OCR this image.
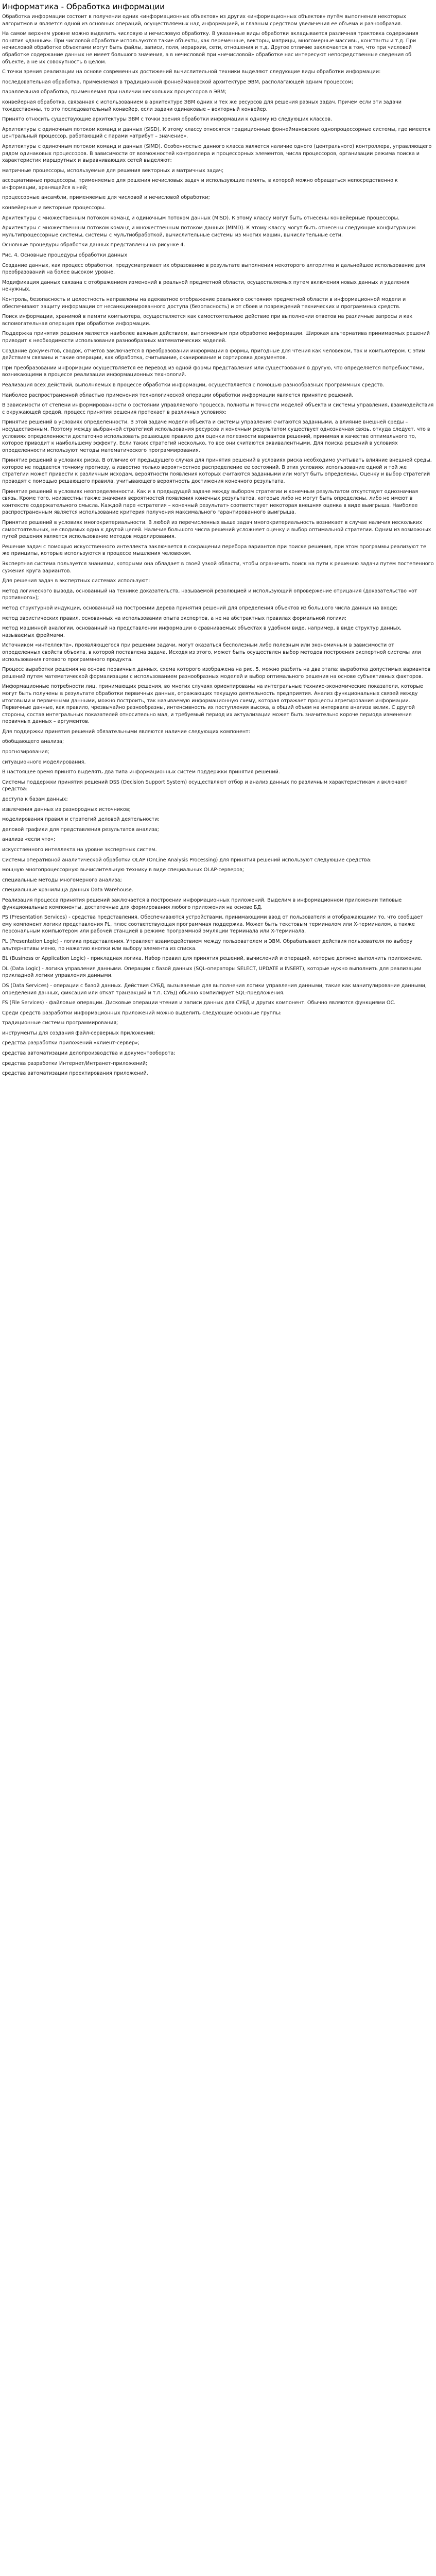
Информатика - Обработка информации

Обработка информации состоит в получении одних «информационных объектов» из других «информационных объектов» путём выполнения некоторых алгоритмов и является одной из основных операций, осуществляемых над информацией, и главным средством увеличения ее объема и разнообразия.

На самом верхнем уровне можно выделить числовую и нечисловую обработку. В указанные виды обработки вкладывается различная трактовка содержания понятия «данные». При числовой обработке используются такие объекты, как переменные, векторы, матрицы, многомерные массивы, константы и т.д. При нечисловой обработке объектами могут быть файлы, записи, поля, иерархии, сети, отношения и т.д. Другое отличие заключается в том, что при числовой обработке содержание данных не имеет большого значения, а в нечисловой при «нечисловой» обработке нас интересуют непосредственные сведения об объекте, а не их совокупность в целом.

С точки зрения реализации на основе современных достижений вычислительной техники выделяют следующие виды обработки информации:

последовательная обработка, применяемая в традиционной фоннеймановской архитектуре ЭВМ, располагающей одним процессом;

параллельная обработка, применяемая при наличии нескольких процессоров в ЭВМ;

конвейерная обработка, связанная с использованием в архитектуре ЭВМ одних и тех же ресурсов для решения разных задач. Причем если эти задачи тождественны, то это последовательный конвейер, если задачи одинаковые – векторный конвейер.

Принято относить существующие архитектуры ЭВМ с точки зрения обработки информации к одному из следующих классов.

Архитектуры с одиночным потоком команд и данных (SISD). К этому классу относятся традиционные фоннеймановские однопроцессорные системы, где имеется центральный процессор, работающий с парами «атрибут – значение».

Архитектуры с одиночным потоком команд и данных (SIMD). Особенностью данного класса является наличие одного (центрального) контроллера, управляющего рядом одинаковых процессоров. В зависимости от возможностей контроллера и процессорных элементов, числа процессоров, организации режима поиска и характеристик маршрутных и выравнивающих сетей выделяют:

матричные процессоры, используемые для решения векторных и матричных задач;

ассоциативные процессоры, применяемые для решения нечисловых задач и использующие память, в которой можно обращаться непосредственно к информации, хранящейся в ней;

процессорные ансамбли, применяемые для числовой и нечисловой обработки;

конвейерные и векторные процессоры.

Архитектуры с множественным потоком команд и одиночным потоком данных (MISD). К этому классу могут быть отнесены конвейерные процессоры.

Архитектуры с множественным потоком команд и множественным потоком данных (MIMD). К этому классу могут быть отнесены следующие конфигурации: мультипроцессорные системы, системы с мультиобработкой, вычислительные системы из многих машин, вычислительные сети.

Основные процедуры обработки данных представлены на рисунке 4.

Рис. 4. Основные процедуры обработки данных

Создание данных, как процесс обработки, предусматривает их образование в результате выполнения некоторого алгоритма и дальнейшее использование для преобразований на более высоком уровне.

Модификация данных связана с отображением изменений в реальной предметной области, осуществляемых путем включения новых данных и удаления ненужных.

Контроль, безопасность и целостность направлены на адекватное отображение реального состояния предметной области в информационной модели и обеспечивают защиту информации от несанкционированного доступа (безопасность) и от сбоев и повреждений технических и программных средств.

Поиск информации, хранимой в памяти компьютера, осуществляется как самостоятельное действие при выполнении ответов на различные запросы и как вспомогательная операция при обработке информации.

Поддержка принятия решения является наиболее важным действием, выполняемым при обработке информации. Широкая альтернатива принимаемых решений приводит к необходимости использования разнообразных математических моделей.

Создание документов, сводок, отчетов заключается в преобразовании информации в формы, пригодные для чтения как человеком, так и компьютером. С этим действием связаны и такие операции, как обработка, считывание, сканирование и сортировка документов.

При преобразовании информации осуществляется ее перевод из одной формы представления или существования в другую, что определяется потребностями, возникающими в процессе реализации информационных технологий.

Реализация всех действий, выполняемых в процессе обработки информации, осуществляется с помощью разнообразных программных средств.

Наиболее распространенной областью применения технологической операции обработки информации является принятие решений.

В зависимости от степени информированности о состоянии управляемого процесса, полноты и точности моделей объекта и системы управления, взаимодействия с окружающей средой, процесс принятия решения протекает в различных условиях:

Принятие решений в условиях определенности. В этой задаче модели объекта и системы управления считаются заданными, а влияние внешней среды – несущественным. Поэтому между выбранной стратегией использования ресурсов и конечным результатом существует однозначная связь, откуда следует, что в условиях определенности достаточно использовать решающее правило для оценки полезности вариантов решений, принимая в качестве оптимального то, которое приводит к наибольшему эффекту. Если таких стратегий несколько, то все они считаются эквивалентными. Для поиска решений в условиях определенности используют методы математического программирования.

Принятие решений в условиях риска. В отличие от предыдущего случая для принятия решений в условиях риска необходимо учитывать влияние внешней среды, которое не поддается точному прогнозу, а известно только вероятностное распределение ее состояний. В этих условиях использование одной и той же стратегии может привести к различным исходам, вероятности появления которых считаются заданными или могут быть определены. Оценку и выбор стратегий проводят с помощью решающего правила, учитывающего вероятность достижения конечного результата.

Принятие решений в условиях неопределенности. Как и в предыдущей задаче между выбором стратегии и конечным результатом отсутствует однозначная связь. Кроме того, неизвестны также значения вероятностей появления конечных результатов, которые либо не могут быть определены, либо не имеют в контексте содержательного смысла. Каждой паре «стратегия – конечный результат» соответствует некоторая внешняя оценка в виде выигрыша. Наиболее распространенным является использование критерия получения максимального гарантированного выигрыша.

Принятие решений в условиях многокритериальности. В любой из перечисленных выше задач многокритериальность возникает в случае наличия нескольких самостоятельных, не сводимых одна к другой целей. Наличие большого числа решений усложняет оценку и выбор оптимальной стратегии. Одним из возможных путей решения является использование методов моделирования.

Решение задач с помощью искусственного интеллекта заключается в сокращении перебора вариантов при поиске решения, при этом программы реализуют те же принципы, которые используются в процессе мышления человеком.

Экспертная система пользуется знаниями, которыми она обладает в своей узкой области, чтобы ограничить поиск на пути к решению задачи путем постепенного сужения круга вариантов.

Для решения задач в экспертных системах используют:

метод логического вывода, основанный на технике доказательств, называемой резолюцией и использующий опровержение отрицания (доказательство «от противного»);

метод структурной индукции, основанный на построении дерева принятия решений для определения объектов из большого числа данных на входе;

метод эвристических правил, основанных на использовании опыта экспертов, а не на абстрактных правилах формальной логики;

метод машинной аналогии, основанный на представлении информации о сравниваемых объектах в удобном виде, например, в виде структур данных, называемых фреймами.

Источником «интеллекта», проявляющегося при решении задачи, могут оказаться бесполезным либо полезным или экономичным в зависимости от определенных свойств объекта, в которой поставлена задача. Исходя из этого, может быть осуществлен выбор методов построения экспертной системы или использования готового программного продукта.

Процесс выработки решения на основе первичных данных, схема которого изображена на рис. 5, можно разбить на два этапа: выработка допустимых вариантов решений путем математической формализации с использованием разнообразных моделей и выбор оптимального решения на основе субъективных факторов.

Информационные потребности лиц, принимающих решения, во многих случаях ориентированы на интегральные технико-экономические показатели, которые могут быть получены в результате обработки первичных данных, отражающих текущую деятельность предприятия. Анализ функциональных связей между итоговыми и первичными данными, можно построить, так называемую информационную схему, которая отражает процессы агрегирования информации. Первичные данные, как правило, чрезвычайно разнообразны, интенсивность их поступления высока, а общий объем на интервале анализа велик. С другой стороны, состав интегральных показателей относительно мал, и требуемый период их актуализации может быть значительно короче периода изменения первичных данных – аргументов.

Для поддержки принятия решений обязательными являются наличие следующих компонент:

обобщающего анализа;

прогнозирования;

ситуационного моделирования.

В настоящее время принято выделять два типа информационных систем поддержки принятия решений.

Системы поддержки принятия решений DSS (Decision Support System) осуществляют отбор и анализ данных по различным характеристикам и включают средства:

доступа к базам данных;

извлечения данных из разнородных источников;

моделирования правил и стратегий деловой деятельности;

деловой графики для представления результатов анализа;

анализа «если что»;

искусственного интеллекта на уровне экспертных систем.

Системы оперативной аналитической обработки OLAP (OnLine Analysis Processing) для принятия решений используют следующие средства:

мощную многопроцессорную вычислительную технику в виде специальных OLAP-серверов;

специальные методы многомерного анализа;

специальные хранилища данных Data Warehouse.

Реализация процесса принятия решений заключается в построении информационных приложений. Выделим в информационном приложении типовые функциональные компоненты, достаточные для формирования любого приложения на основе БД.

PS (Presentation Services) - средства представления. Обеспечиваются устройствами, принимающими ввод от пользователя и отображающими то, что сообщает ему компонент логики представления PL, плюс соответствующая программная поддержка. Может быть текстовым терминалом или X-терминалом, а также персональным компьютером или рабочей станцией в режиме программной эмуляции терминала или X-терминала.

PL (Presentation Logic) - логика представления. Управляет взаимодействием между пользователем и ЭВМ. Обрабатывает действия пользователя по выбору альтернативы меню, по нажатию кнопки или выбору элемента из списка.

BL (Business or Application Logic) - прикладная логика. Набор правил для принятия решений, вычислений и операций, которые должно выполнить приложение.

DL (Data Logic) - логика управления данными. Операции с базой данных (SQL-операторы SELECT, UPDATE и INSERT), которые нужно выполнить для реализации прикладной логики управления данными.

DS (Data Services) - операции с базой данных. Действия СУБД, вызываемые для выполнения логики управления данными, такие как манипулирование данными, определения данных, фиксация или откат транзакций и т.п. СУБД обычно компилирует SQL-предложения.

FS (File Services) - файловые операции. Дисковые операции чтения и записи данных для СУБД и других компонент. Обычно являются функциями ОС.

Среди средств разработки информационных приложений можно выделить следующие основные группы:

традиционные системы программирования;

инструменты для создания файл-серверных приложений;

средства разработки приложений «клиент-сервер»;

средства автоматизации делопроизводства и документооборота;

средства разработки Интернет/Интранет-приложений;

средства автоматизации проектирования приложений.
